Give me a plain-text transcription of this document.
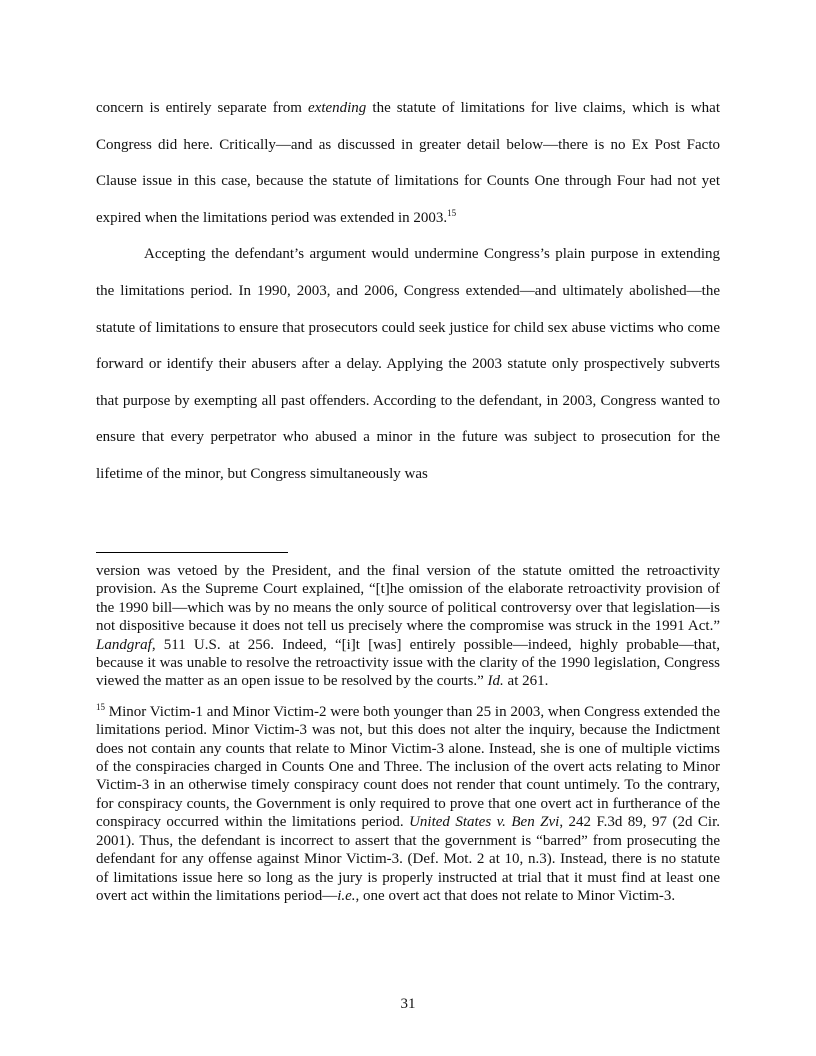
concern is entirely separate from extending the statute of limitations for live claims, which is what Congress did here. Critically—and as discussed in greater detail below—there is no Ex Post Facto Clause issue in this case, because the statute of limitations for Counts One through Four had not yet expired when the limitations period was extended in 2003.15

Accepting the defendant’s argument would undermine Congress’s plain purpose in extending the limitations period. In 1990, 2003, and 2006, Congress extended—and ultimately abolished—the statute of limitations to ensure that prosecutors could seek justice for child sex abuse victims who come forward or identify their abusers after a delay. Applying the 2003 statute only prospectively subverts that purpose by exempting all past offenders. According to the defendant, in 2003, Congress wanted to ensure that every perpetrator who abused a minor in the future was subject to prosecution for the lifetime of the minor, but Congress simultaneously was

version was vetoed by the President, and the final version of the statute omitted the retroactivity provision. As the Supreme Court explained, “[t]he omission of the elaborate retroactivity provision of the 1990 bill—which was by no means the only source of political controversy over that legislation—is not dispositive because it does not tell us precisely where the compromise was struck in the 1991 Act.” Landgraf, 511 U.S. at 256. Indeed, “[i]t [was] entirely possible—indeed, highly probable—that, because it was unable to resolve the retroactivity issue with the clarity of the 1990 legislation, Congress viewed the matter as an open issue to be resolved by the courts.” Id. at 261.

$^{15}$ Minor Victim-1 and Minor Victim-2 were both younger than 25 in 2003, when Congress extended the limitations period. Minor Victim-3 was not, but this does not alter the inquiry, because the Indictment does not contain any counts that relate to Minor Victim-3 alone. Instead, she is one of multiple victims of the conspiracies charged in Counts One and Three. The inclusion of the overt acts relating to Minor Victim-3 in an otherwise timely conspiracy count does not render that count untimely. To the contrary, for conspiracy counts, the Government is only required to prove that one overt act in furtherance of the conspiracy occurred within the limitations period. United States v. Ben Zvi, 242 F.3d 89, 97 (2d Cir. 2001). Thus, the defendant is incorrect to assert that the government is “barred” from prosecuting the defendant for any offense against Minor Victim-3. (Def. Mot. 2 at 10, n.3). Instead, there is no statute of limitations issue here so long as the jury is properly instructed at trial that it must find at least one overt act within the limitations period—i.e., one overt act that does not relate to Minor Victim-3.

31
